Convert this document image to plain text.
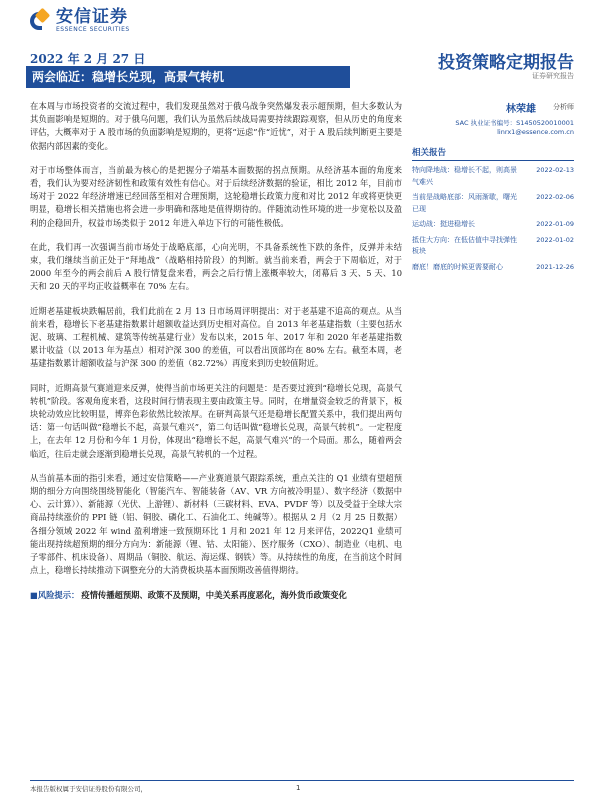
安信证券
ESSENCE SECURITIES
2022 年 2 月 27 日	投资策略定期报告
证券研究报告
两会临近：稳增长兑现，高景气转机

在本周与市场投资者的交流过程中，我们发现虽然对于俄乌战争突然爆发表示超预期，但大多数认为其负面影响是短期的。对于俄乌问题，我们认为虽然后续战局需要持续跟踪观察，但从历史的角度来评估，大概率对于 A 股市场的负面影响是短期的，更将“远虑”作“近忧”，对于 A 股后续判断更主要是依据内部因素的变化。

对于市场整体而言，当前最为核心的是把握分子端基本面数据的拐点预期。从经济基本面的角度来看，我们认为要对经济韧性和政策有效性有信心。对于后续经济数据的验证，相比 2012 年，目前市场对于 2022 年经济增速已经回落至相对合理预期，这轮稳增长政策力度和对比 2012 年或将更快更明显，稳增长相关措施也将会进一步明确和落地是值得期待的。伴随流动性环境的进一步宽松以及盈利的企稳回升，权益市场类似于 2012 年进入单边下行的可能性极低。

在此，我们再一次强调当前市场处于战略底部，心向光明，不具备系统性下跌的条件，反弹并未结束，我们继续当前正处于“拜地战”（战略相持阶段）的判断。就当前来看，两会于下周临近，对于 2000 年至今的两会前后 A 股行情复盘来看，两会之后行情上涨概率较大，闭幕后 3 天、5 天、10 天和 20 天的平均正收益概率在 70% 左右。

近期老基建板块跌幅居前，我们此前在 2 月 13 日市场周评明提出：对于老基建不追高的观点。从当前来看，稳增长下老基建指数累计超额收益达到历史相对高位。自 2013 年老基建指数（主要包括水泥、玻璃、工程机械、建筑等传统基建行业）发布以来，2015 年、2017 年和 2020 年老基建指数累计收益（以 2013 年为基点）相对沪深 300 的差值，可以看出顶部均在 80% 左右。截至本周，老基建指数累计超额收益与沪深 300 的差值（82.72%）再度来到历史较值附近。

同时，近期高景气赛道迎来反弹，使得当前市场更关注的问题是：是否要过渡到“稳增长兑现，高景气转机”阶段。客观角度来看，这段时间行情表现主要由政策主导。同时，在增量资金较乏的背景下，板块轮动效应比较明显，博弈色彩依然比较浓厚。在研判高景气还是稳增长配置关系中，我们提出两句话：第一句话叫做“稳增长不起，高景气难兴”，第二句话叫做“稳增长兑现，高景气转机”。一定程度上，在去年 12 月份和今年 1 月份，体现出“稳增长不起，高景气难兴”的一个局面。那么，随着两会临近，往后走就会逐渐到稳增长兑现，高景气转机的一个过程。

从当前基本面的指引来看，通过安信策略——产业赛道景气跟踪系统，重点关注的 Q1 业绩有望超预期的细分方向围绕围绕智能化（智能汽车、智能装备（AV、VR 方向被冷明显）、数字经济（数据中心、云计算））、新能源（光伏、上游锂）、新材料（三碳材料、EVA、PVDF 等）以及受益于全球大宗商品持续涨价的 PPI 链（铝、铜胶、磷化工、石油化工、纯碱等）。根据从 2 月（2 月 25 日数据）各细分领域 2022 年 wind 盈利增速一致预期环比 1 月和 2021 年 12 月来评估，2022Q1 业绩可能出现持续超预期的细分方向为：新能源（锂、钴、太阳能）、医疗服务（CXO）、制造业（电机、电子零部件、机床设备）、周期品（铜胶、航运、海运煤、钢铁）等。从持续性的角度，在当前这个时间点上，稳增长持续推动下调整充分的大消费板块基本面预期改善值得期待。

■风险提示： 疫情传播超预期、政策不及预期，中美关系再度恶化，海外货币政策变化

林荣雄	分析师
SAC 执业证书编号：S1450520010001
linrx1@essence.com.cn
相关报告
特向降地战：稳增长不起，则高景气难兴
2022-02-13
当前是战略底部：风雨渐歇，曙光已现
2022-02-06
运动战：挺进稳增长	2022-01-09
抵住大方向：在低估值中寻找弹性板块
2022-01-02
磨底！磨底的时候更需要耐心	2021-12-26
本报告版权属于安信证券股份有限公司，	1
